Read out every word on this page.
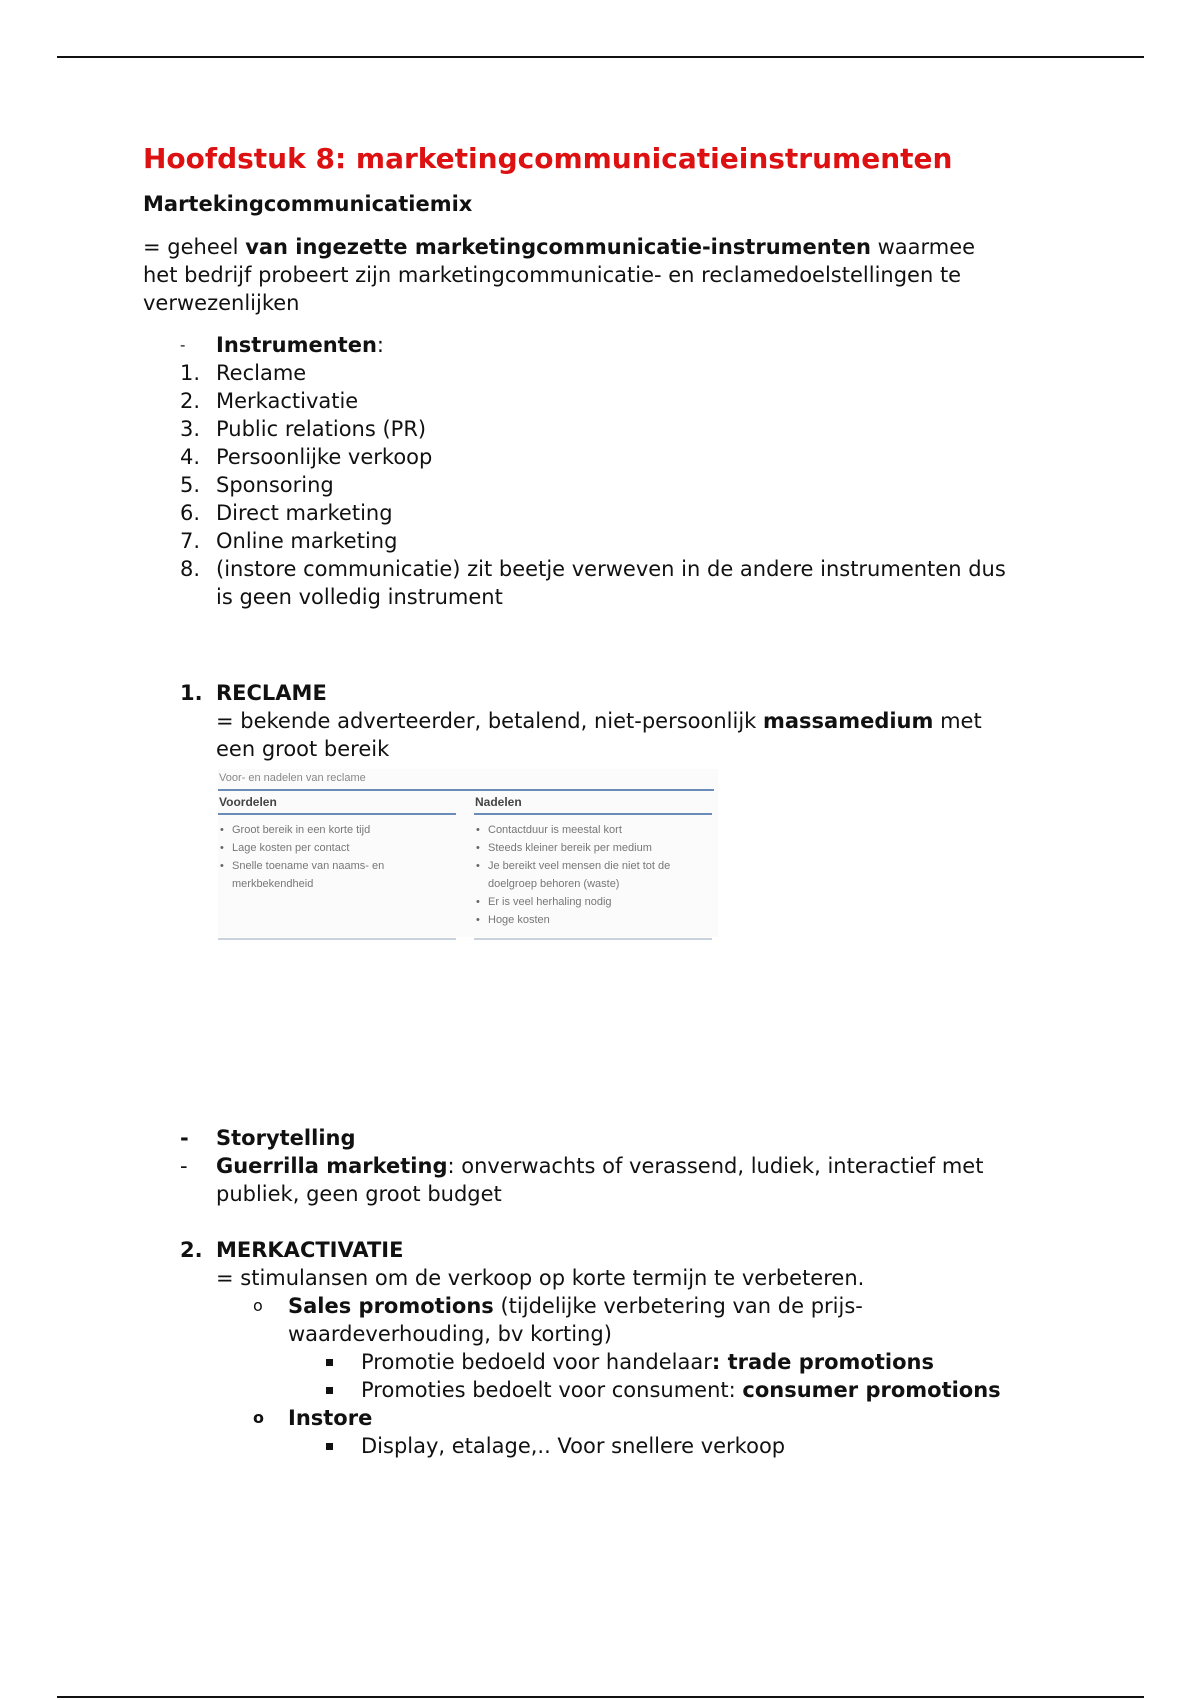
Hoofdstuk 8: marketingcommunicatieinstrumenten
Martekingcommunicatiemix

= geheel van ingezette marketingcommunicatie-instrumenten waarmee
het bedrijf probeert zijn marketingcommunicatie- en reclamedoelstellingen te
verwezenlijken

- Instrumenten:
1. Reclame
2. Merkactivatie
3. Public relations (PR)
4. Persoonlijke verkoop
5. Sponsoring
6. Direct marketing
7. Online marketing
8. (instore communicatie) zit beetje verweven in de andere instrumenten dus
is geen volledig instrument
1. RECLAME
= bekende adverteerder, betalend, niet-persoonlijk massamedium met
een groot bereik
Voor- en nadelen van reclame
Voordelen
• Groot bereik in een korte tijd
• Lage kosten per contact
• Snelle toename van naams- en merkbekendheid
Nadelen
• Contactduur is meestal kort
• Steeds kleiner bereik per medium
• Je bereikt veel mensen die niet tot de doelgroep behoren (waste)
• Er is veel herhaling nodig
• Hoge kosten
- Storytelling
- Guerrilla marketing: onverwachts of verassend, ludiek, interactief met
publiek, geen groot budget
2. MERKACTIVATIE
= stimulansen om de verkoop op korte termijn te verbeteren.
o Sales promotions (tijdelijke verbetering van de prijs-
waardeverhouding, bv korting)
Promotie bedoeld voor handelaar: trade promotions
Promoties bedoelt voor consument: consumer promotions
o Instore
Display, etalage,.. Voor snellere verkoop
